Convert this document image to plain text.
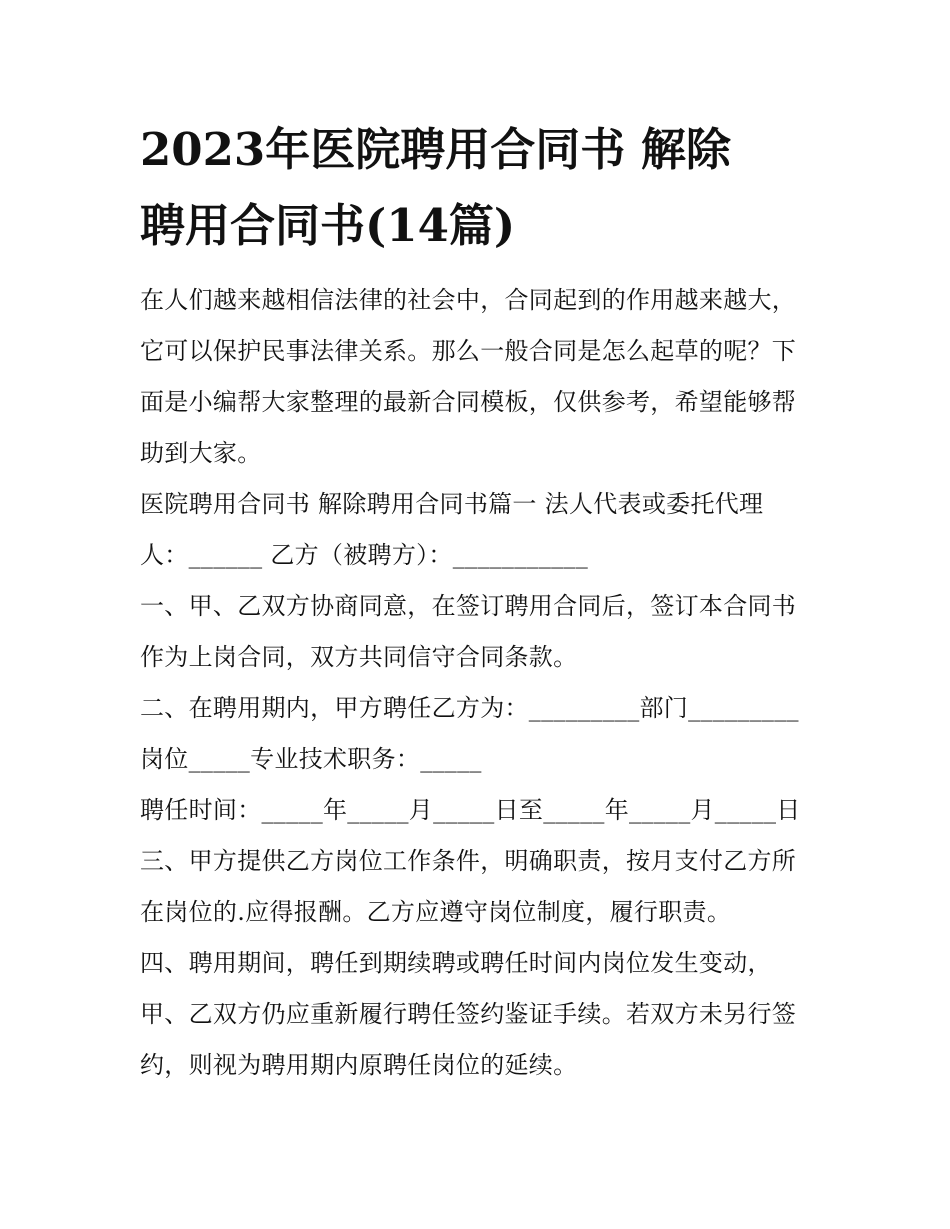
2023年医院聘用合同书 解除
聘用合同书(14篇)
在人们越来越相信法律的社会中，合同起到的作用越来越大，
它可以保护民事法律关系。那么一般合同是怎么起草的呢？下
面是小编帮大家整理的最新合同模板，仅供参考，希望能够帮
助到大家。
医院聘用合同书 解除聘用合同书篇一 法人代表或委托代理
人：______ 乙方（被聘方）：___________
一、甲、乙双方协商同意，在签订聘用合同后，签订本合同书
作为上岗合同，双方共同信守合同条款。
二、在聘用期内，甲方聘任乙方为：_________部门_________
岗位_____专业技术职务：_____
聘任时间：_____年_____月_____日至_____年_____月_____日
三、甲方提供乙方岗位工作条件，明确职责，按月支付乙方所
在岗位的.应得报酬。乙方应遵守岗位制度，履行职责。
四、聘用期间，聘任到期续聘或聘任时间内岗位发生变动，
甲、乙双方仍应重新履行聘任签约鉴证手续。若双方未另行签
约，则视为聘用期内原聘任岗位的延续。
